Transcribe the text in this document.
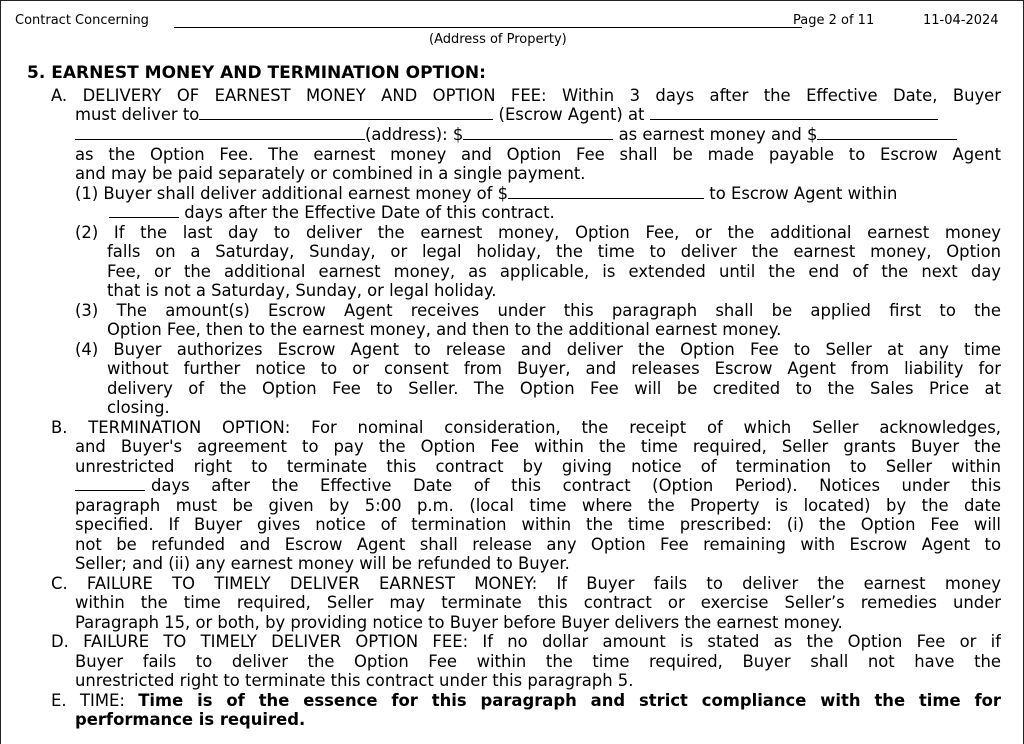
Contract Concerning	Page 2 of 11	11-04-2024
(Address of Property)
5. EARNEST MONEY AND TERMINATION OPTION:
A. DELIVERY OF EARNEST MONEY AND OPTION FEE: Within 3 days after the Effective Date, Buyer
must deliver to	(Escrow Agent) at
(address): $	as earnest money and $
as the Option Fee. The earnest money and Option Fee shall be made payable to Escrow Agent
and may be paid separately or combined in a single payment.
(1) Buyer shall deliver additional earnest money of $	to Escrow Agent within
days after the Effective Date of this contract.
(2) If the last day to deliver the earnest money, Option Fee, or the additional earnest money
falls on a Saturday, Sunday, or legal holiday, the time to deliver the earnest money, Option
Fee, or the additional earnest money, as applicable, is extended until the end of the next day
that is not a Saturday, Sunday, or legal holiday.
(3) The amount(s) Escrow Agent receives under this paragraph shall be applied first to the
Option Fee, then to the earnest money, and then to the additional earnest money.
(4) Buyer authorizes Escrow Agent to release and deliver the Option Fee to Seller at any time
without further notice to or consent from Buyer, and releases Escrow Agent from liability for
delivery of the Option Fee to Seller. The Option Fee will be credited to the Sales Price at
closing.
B. TERMINATION OPTION: For nominal consideration, the receipt of which Seller acknowledges,
and Buyer's agreement to pay the Option Fee within the time required, Seller grants Buyer the
unrestricted right to terminate this contract by giving notice of termination to Seller within
days after the Effective Date of this contract (Option Period). Notices under this
paragraph must be given by 5:00 p.m. (local time where the Property is located) by the date
specified. If Buyer gives notice of termination within the time prescribed: (i) the Option Fee will
not be refunded and Escrow Agent shall release any Option Fee remaining with Escrow Agent to
Seller; and (ii) any earnest money will be refunded to Buyer.
C. FAILURE TO TIMELY DELIVER EARNEST MONEY: If Buyer fails to deliver the earnest money
within the time required, Seller may terminate this contract or exercise Seller’s remedies under
Paragraph 15, or both, by providing notice to Buyer before Buyer delivers the earnest money.
D. FAILURE TO TIMELY DELIVER OPTION FEE: If no dollar amount is stated as the Option Fee or if
Buyer fails to deliver the Option Fee within the time required, Buyer shall not have the
unrestricted right to terminate this contract under this paragraph 5.
E. TIME: Time is of the essence for this paragraph and strict compliance with the time for
performance is required.
